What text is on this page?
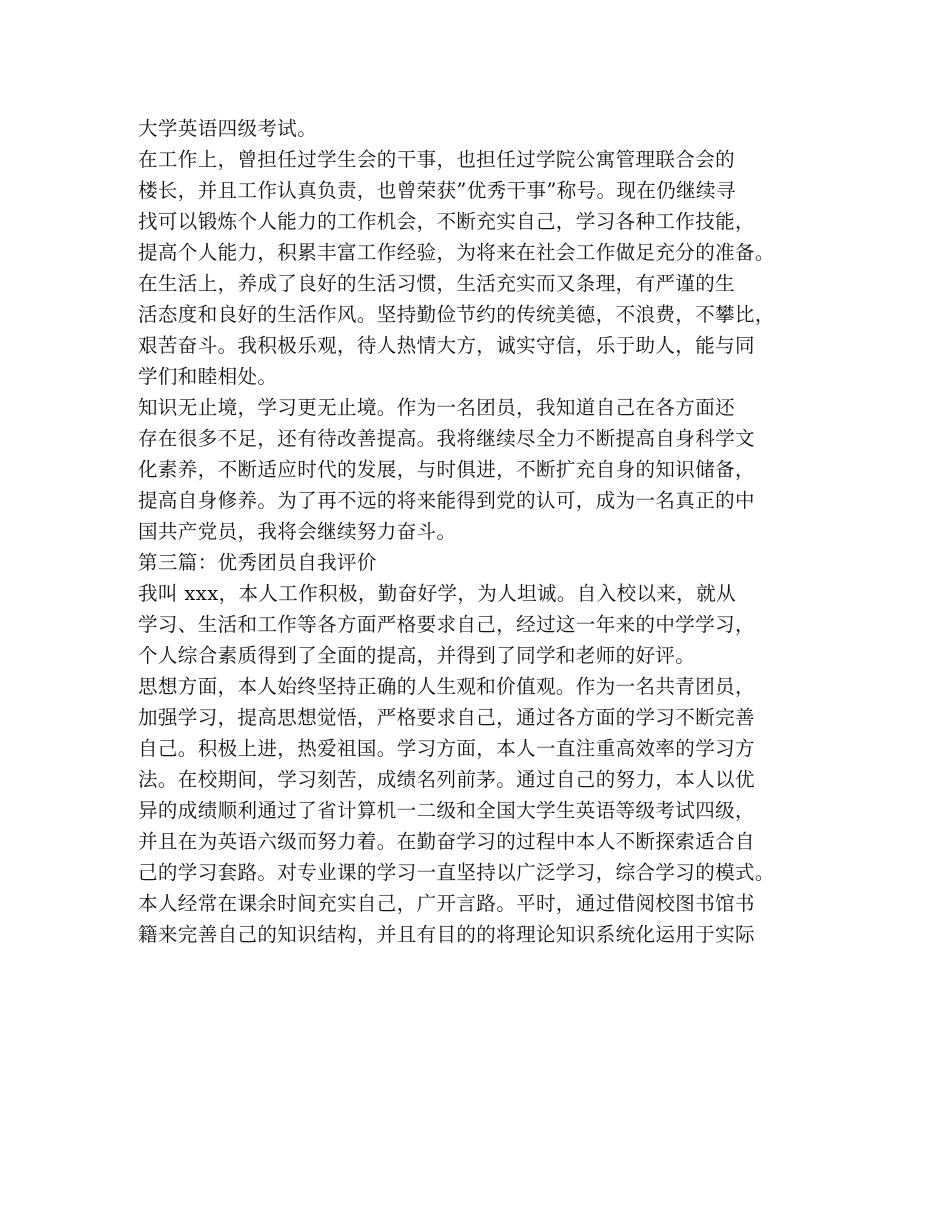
大学英语四级考试。
在工作上，曾担任过学生会的干事，也担任过学院公寓管理联合会的
楼长，并且工作认真负责，也曾荣获”优秀干事”称号。现在仍继续寻
找可以锻炼个人能力的工作机会，不断充实自己，学习各种工作技能，
提高个人能力，积累丰富工作经验，为将来在社会工作做足充分的准备。
在生活上，养成了良好的生活习惯，生活充实而又条理，有严谨的生
活态度和良好的生活作风。坚持勤俭节约的传统美德，不浪费，不攀比，
艰苦奋斗。我积极乐观，待人热情大方，诚实守信，乐于助人，能与同
学们和睦相处。
知识无止境，学习更无止境。作为一名团员，我知道自己在各方面还
存在很多不足，还有待改善提高。我将继续尽全力不断提高自身科学文
化素养，不断适应时代的发展，与时俱进，不断扩充自身的知识储备，
提高自身修养。为了再不远的将来能得到党的认可，成为一名真正的中
国共产党员，我将会继续努力奋斗。
第三篇：优秀团员自我评价
我叫 xxx，本人工作积极，勤奋好学，为人坦诚。自入校以来，就从
学习、生活和工作等各方面严格要求自己，经过这一年来的中学学习，
个人综合素质得到了全面的提高，并得到了同学和老师的好评。
思想方面，本人始终坚持正确的人生观和价值观。作为一名共青团员，
加强学习，提高思想觉悟，严格要求自己，通过各方面的学习不断完善
自己。积极上进，热爱祖国。学习方面，本人一直注重高效率的学习方
法。在校期间，学习刻苦，成绩名列前茅。通过自己的努力，本人以优
异的成绩顺利通过了省计算机一二级和全国大学生英语等级考试四级，
并且在为英语六级而努力着。在勤奋学习的过程中本人不断探索适合自
己的学习套路。对专业课的学习一直坚持以广泛学习，综合学习的模式。
本人经常在课余时间充实自己，广开言路。平时，通过借阅校图书馆书
籍来完善自己的知识结构，并且有目的的将理论知识系统化运用于实际
